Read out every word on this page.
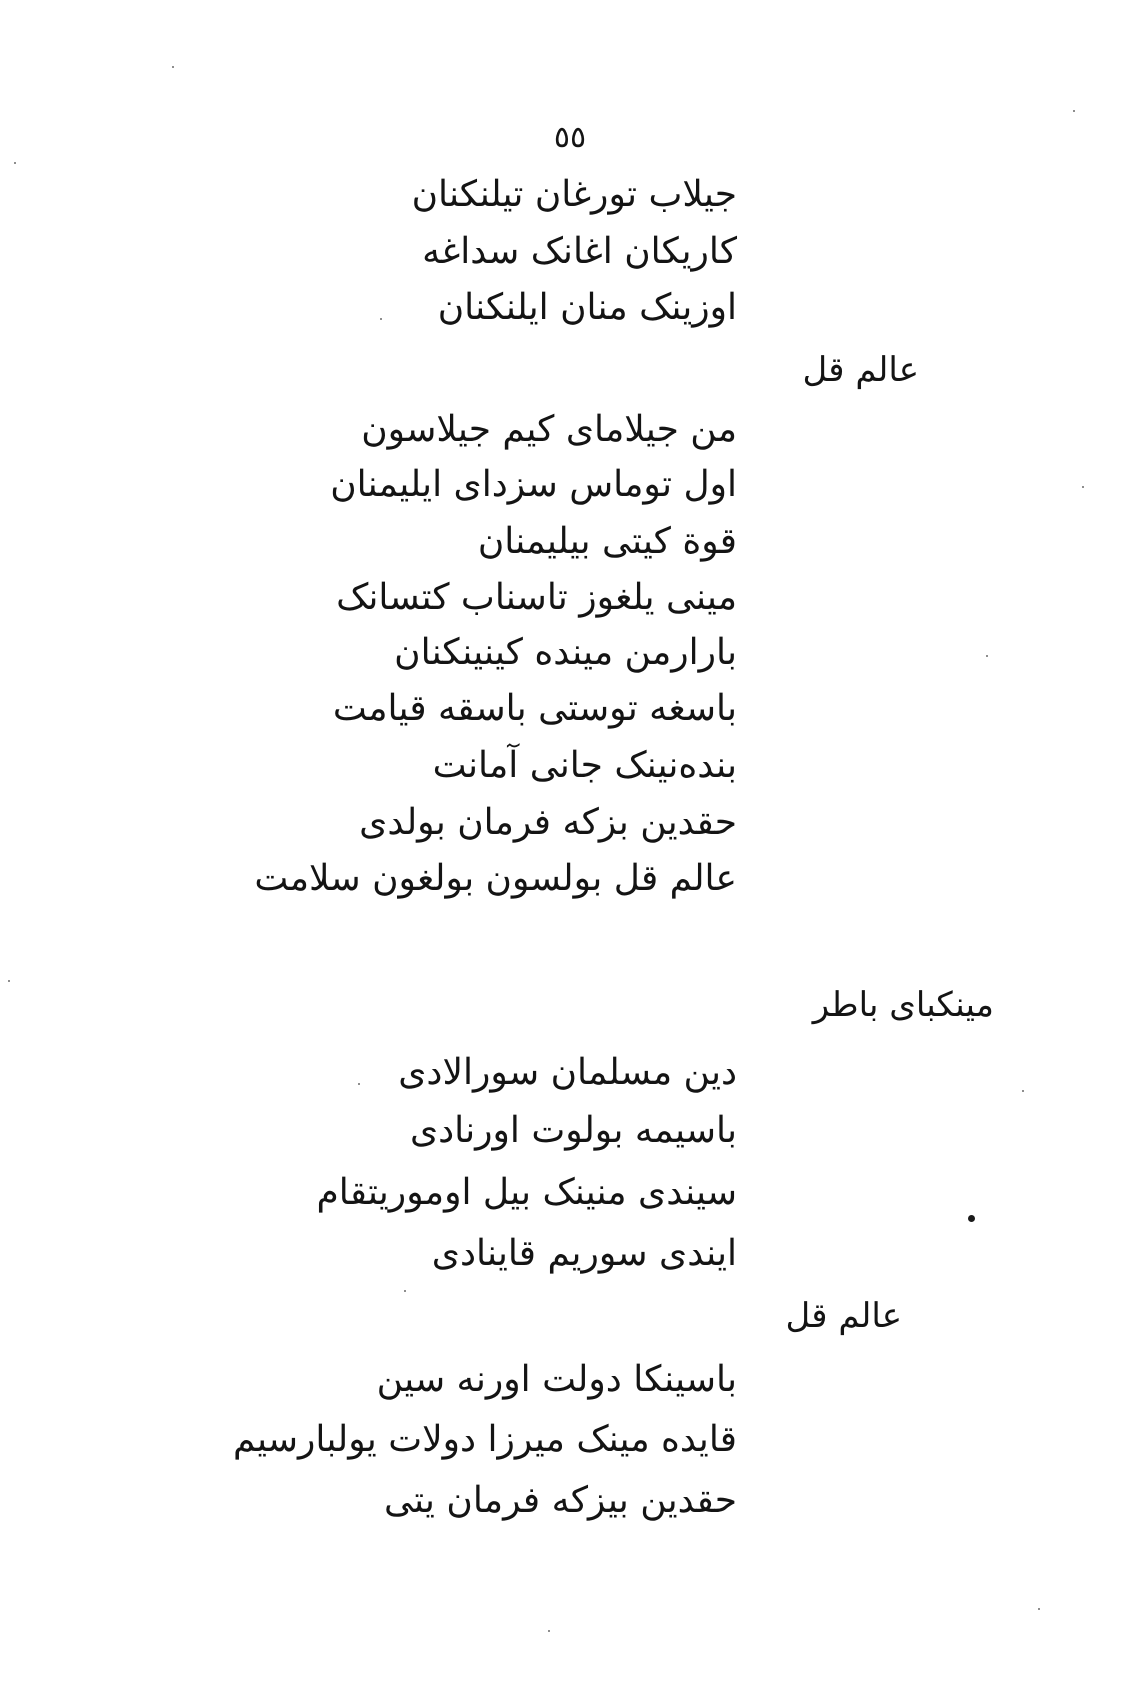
٥٥
جیلاب تورغان تیلنکنان
کاریکان اغانک سداغه
اوزینک منان ایلنکنان
عالم قل
من جیلامای کیم جیلاسون
اول توماس سزدای ایلیمنان
قوة کیتی بیلیمنان
مینی یلغوز تاسناب کتسانک
بارارمن میندە کینینکنان
باسغه توستی باسقه قیامت
بندەنینک جانی آمانت
حقدین بزکه فرمان بولدی
عالم قل بولسون بولغون سلامت
مینکبای باطر
دین مسلمان سورالادی
باسیمه بولوت اورنادی
سیندی منینک بیل اوموریتقام
ایندی سوریم قاینادی
عالم قل
باسینکا دولت اورنه سین
قایده مینک میرزا دولات یولبارسیم
حقدین بیزکه فرمان یتی
